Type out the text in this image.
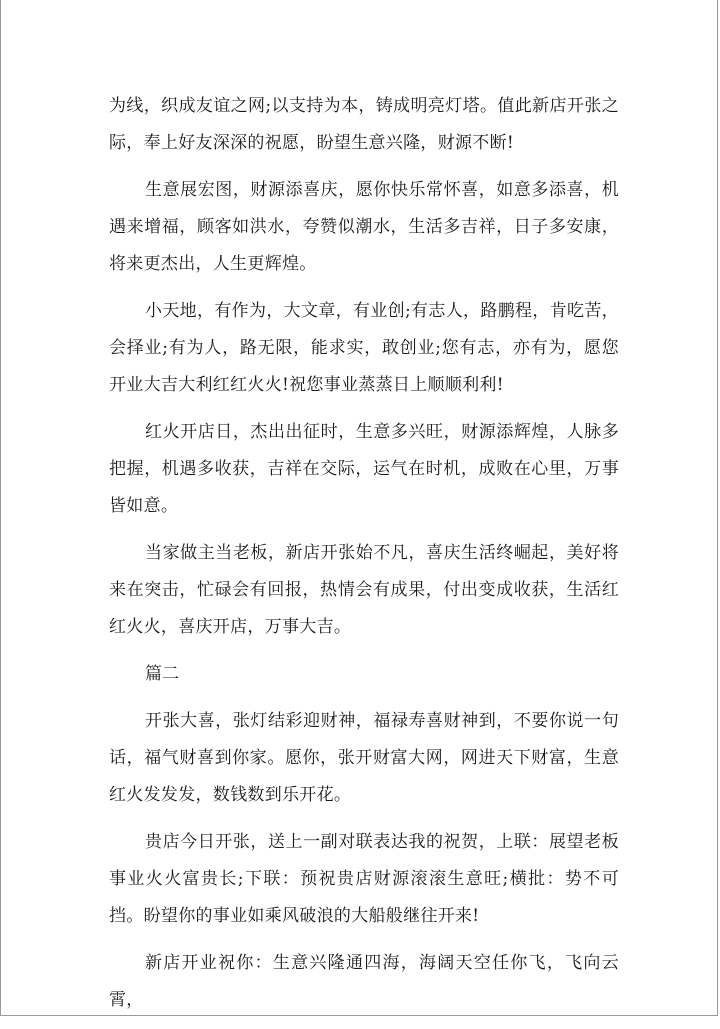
为线，织成友谊之网;以支持为本，铸成明亮灯塔。值此新店开张之际，奉上好友深深的祝愿，盼望生意兴隆，财源不断!

生意展宏图，财源添喜庆，愿你快乐常怀喜，如意多添喜，机遇来增福，顾客如洪水，夸赞似潮水，生活多吉祥，日子多安康，将来更杰出，人生更辉煌。

小天地，有作为，大文章，有业创;有志人，路鹏程，肯吃苦，会择业;有为人，路无限，能求实，敢创业;您有志，亦有为，愿您开业大吉大利红红火火!祝您事业蒸蒸日上顺顺利利!

红火开店日，杰出出征时，生意多兴旺，财源添辉煌，人脉多把握，机遇多收获，吉祥在交际，运气在时机，成败在心里，万事皆如意。

当家做主当老板，新店开张始不凡，喜庆生活终崛起，美好将来在突击，忙碌会有回报，热情会有成果，付出变成收获，生活红红火火，喜庆开店，万事大吉。

篇二

开张大喜，张灯结彩迎财神，福禄寿喜财神到，不要你说一句话，福气财喜到你家。愿你，张开财富大网，网进天下财富，生意红火发发发，数钱数到乐开花。

贵店今日开张，送上一副对联表达我的祝贺，上联：展望老板事业火火富贵长;下联：预祝贵店财源滚滚生意旺;横批：势不可挡。盼望你的事业如乘风破浪的大船般继往开来!

新店开业祝你：生意兴隆通四海，海阔天空任你飞，飞向云霄，
